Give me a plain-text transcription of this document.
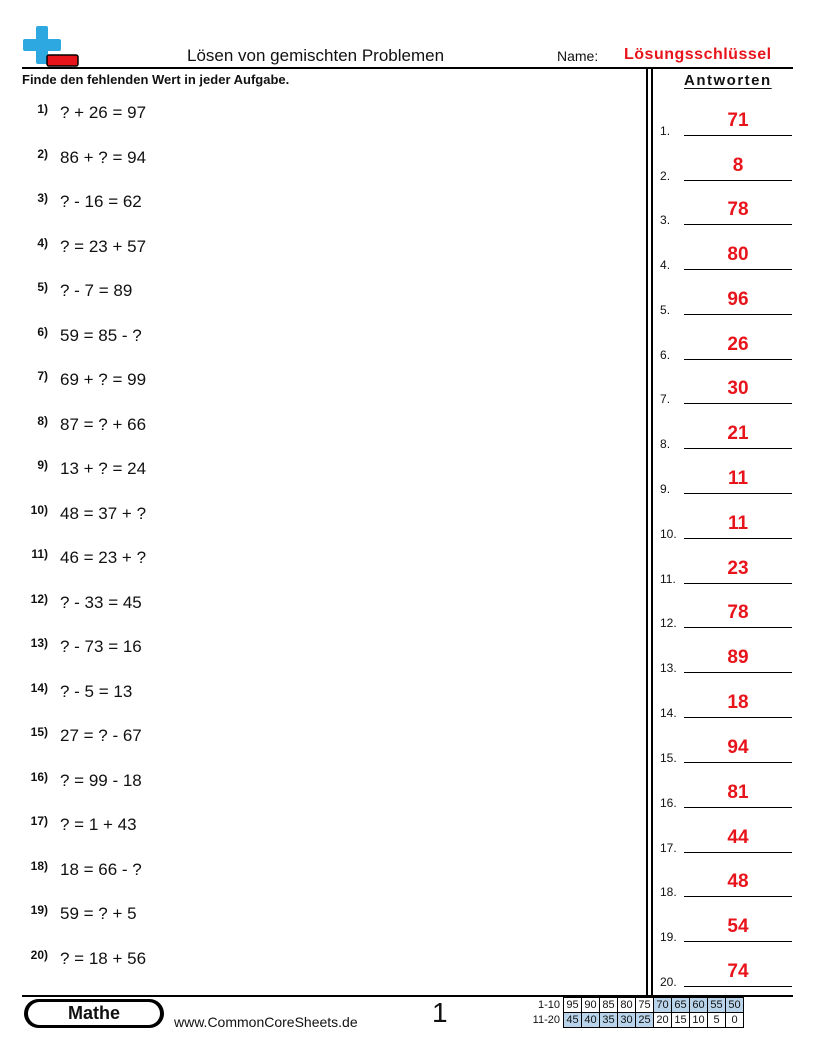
Lösen von gemischten Problemen	Name: Lösungsschlüssel
Finde den fehlenden Wert in jeder Aufgabe.	Antworten
1 ) ? + 26 = 97
2 ) 86 + ? = 94
3 ) ? - 16 = 62
4 ) ? = 23 + 57
5 ) ? - 7 = 89
6 ) 59 = 85 - ?
7 ) 69 + ? = 99
8 ) 87 = ? + 66
9 ) 13 + ? = 24
10 ) 48 = 37 + ?
11 ) 46 = 23 + ?
12 ) ? - 33 = 45
13 ) ? - 73 = 16
14 ) ? - 5 = 13
15 ) 27 = ? - 67
16 ) ? = 99 - 18
17 ) ? = 1 + 43
18 ) 18 = 66 - ?
19 ) 59 = ? + 5
20 ) ? = 18 + 56
1 .	71
2 .	8
3 .	78
4 .	80
5 .	96
6 .	26
7 .	30
8 .	21
9 .	11
10 .	11
11 .	23
12 .	78
13 .	89
14 .	18
15 .	94
16 .	81
17 .	44
18 .	48
19 .	54
20 .	74
Mathe	www.CommonCoreSheets.de	1	1-10	95	90	85	80	75	70	65	60	55	50
11-20	45	40	35	30	25	20	15	10	5	0
